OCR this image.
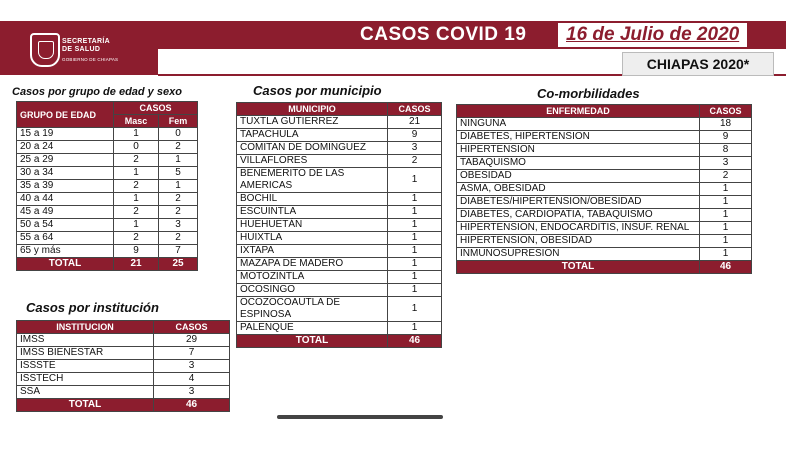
SECRETARÍA
DE SALUD
GOBIERNO DE CHIAPAS
CASOS COVID 19	16 de Julio de 2020
CHIAPAS 2020*
Casos por grupo de edad y sexo
GRUPO DE EDAD	CASOS	
	Masc	Fem
15 a 19	1	0
20 a 24	0	2
25 a 29	2	1
30 a 34	1	5
35 a 39	2	1
40 a 44	1	2
45 a 49	2	2
50 a 54	1	3
55 a 64	2	2
65 y más	9	7
TOTAL	21	25
Casos por institución
INSTITUCION	CASOS
IMSS	29
IMSS BIENESTAR	7
ISSSTE	3
ISSTECH	4
SSA	3
TOTAL	46
Casos por municipio
MUNICIPIO	CASOS
TUXTLA GUTIERREZ	21
TAPACHULA	9
COMITAN DE DOMINGUEZ	3
VILLAFLORES	2
BENEMERITO DE LAS AMERICAS	1
BOCHIL	1
ESCUINTLA	1
HUEHUETÁN	1
HUIXTLA	1
IXTAPA	1
MAZAPA DE MADERO	1
MOTOZINTLA	1
OCOSINGO	1
OCOZOCOAUTLA DE ESPINOSA	1
PALENQUE	1
TOTAL	46
Co-morbilidades
ENFERMEDAD	CASOS
NINGUNA	18
DIABETES, HIPERTENSION	9
HIPERTENSION	8
TABAQUISMO	3
OBESIDAD	2
ASMA, OBESIDAD	1
DIABETES/HIPERTENSION/OBESIDAD	1
DIABETES, CARDIOPATIA, TABAQUISMO	1
HIPERTENSION, ENDOCARDITIS, INSUF. RENAL	1
HIPERTENSION, OBESIDAD	1
INMUNOSUPRESION	1
TOTAL	46
